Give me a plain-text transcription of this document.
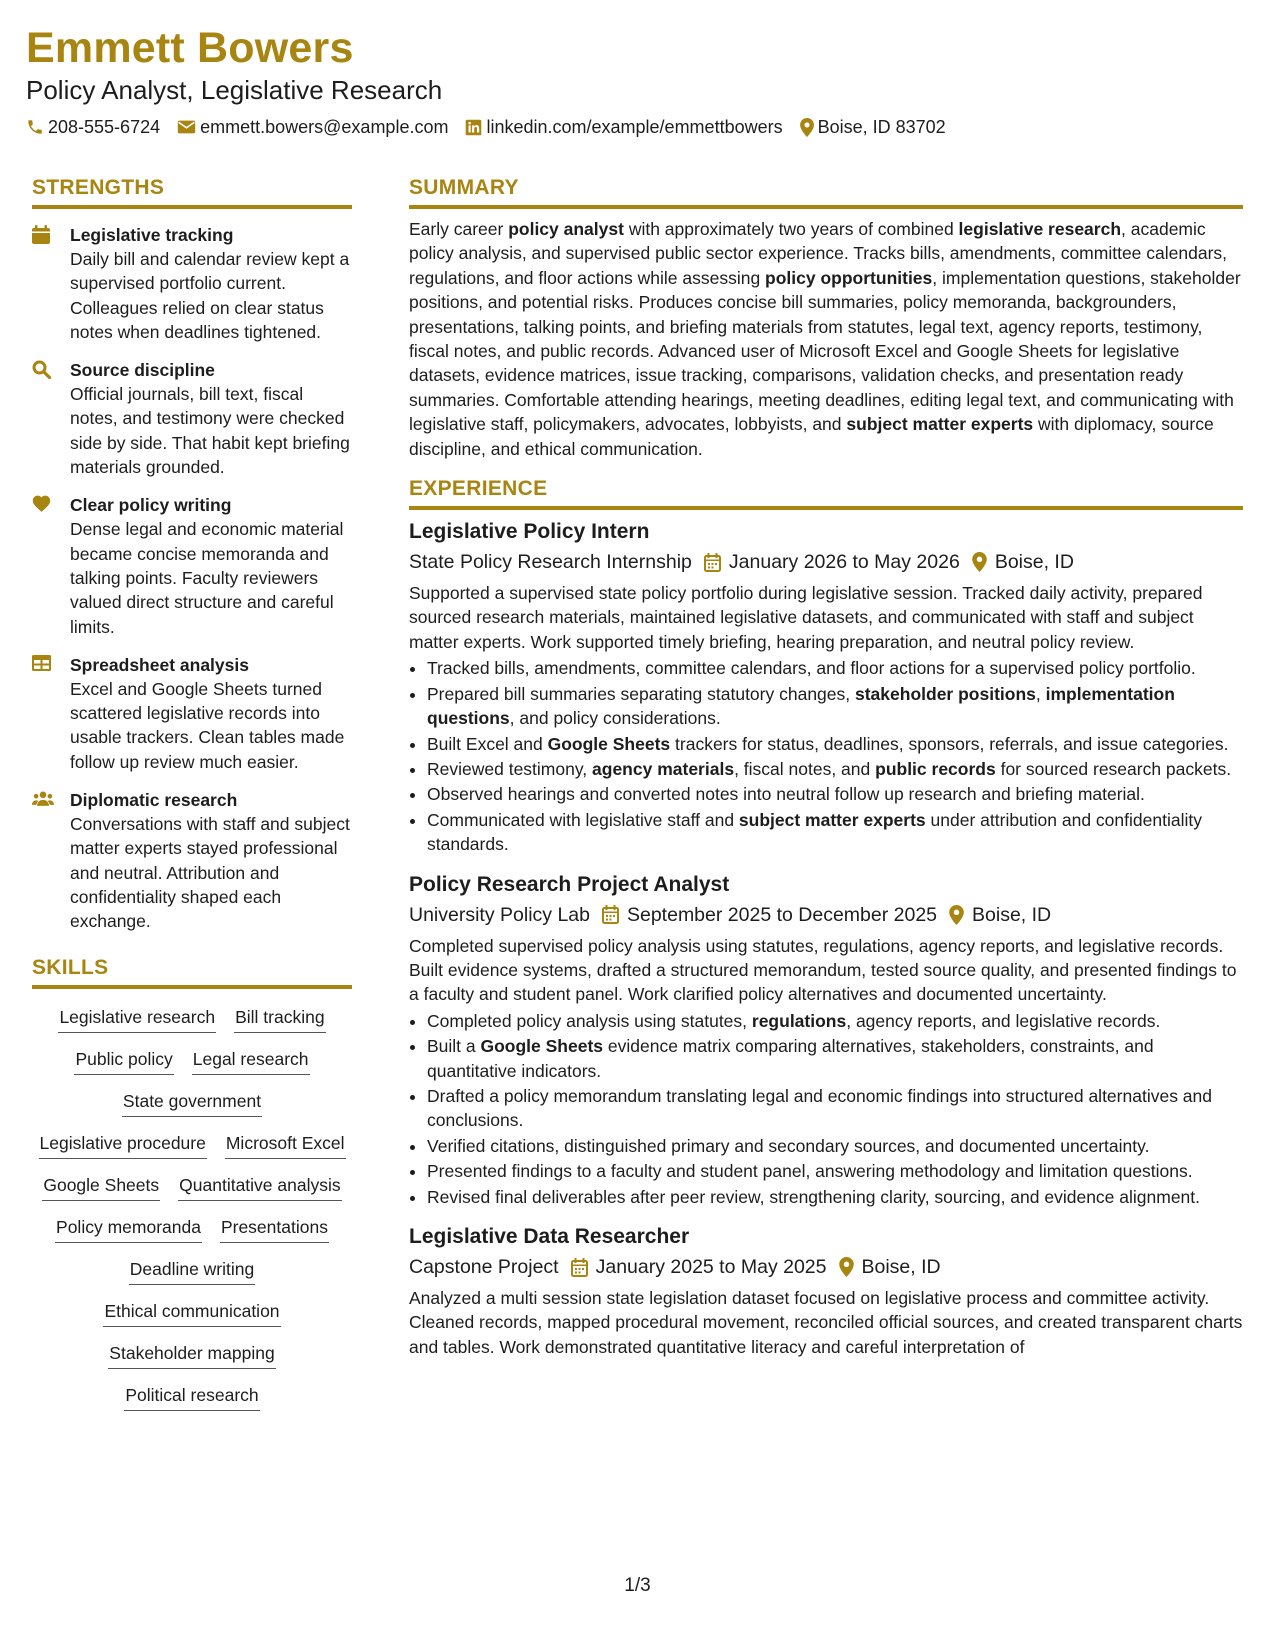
Emmett Bowers
Policy Analyst, Legislative Research
208-555-6724 emmett.bowers@example.com linkedin.com/example/emmettbowers Boise, ID 83702
STRENGTHS
Legislative tracking
Daily bill and calendar review kept a supervised portfolio current. Colleagues relied on clear status notes when deadlines tightened.
Source discipline
Official journals, bill text, fiscal notes, and testimony were checked side by side. That habit kept briefing materials grounded.
Clear policy writing
Dense legal and economic material became concise memoranda and talking points. Faculty reviewers valued direct structure and careful limits.
Spreadsheet analysis
Excel and Google Sheets turned scattered legislative records into usable trackers. Clean tables made follow up review much easier.
Diplomatic research
Conversations with staff and subject matter experts stayed professional and neutral. Attribution and confidentiality shaped each exchange.
SKILLS
Legislative research Bill tracking
Public policy Legal research
State government
Legislative procedure Microsoft Excel
Google Sheets Quantitative analysis
Policy memoranda Presentations
Deadline writing
Ethical communication
Stakeholder mapping
Political research
SUMMARY
Early career policy analyst with approximately two years of combined legislative research, academic policy analysis, and supervised public sector experience. Tracks bills, amendments, committee calendars, regulations, and floor actions while assessing policy opportunities, implementation questions, stakeholder positions, and potential risks. Produces concise bill summaries, policy memoranda, backgrounders, presentations, talking points, and briefing materials from statutes, legal text, agency reports, testimony, fiscal notes, and public records. Advanced user of Microsoft Excel and Google Sheets for legislative datasets, evidence matrices, issue tracking, comparisons, validation checks, and presentation ready summaries. Comfortable attending hearings, meeting deadlines, editing legal text, and communicating with legislative staff, policymakers, advocates, lobbyists, and subject matter experts with diplomacy, source discipline, and ethical communication.
EXPERIENCE
Legislative Policy Intern
State Policy Research Internship January 2026 to May 2026 Boise, ID
Supported a supervised state policy portfolio during legislative session. Tracked daily activity, prepared sourced research materials, maintained legislative datasets, and communicated with staff and subject matter experts. Work supported timely briefing, hearing preparation, and neutral policy review.
• Tracked bills, amendments, committee calendars, and floor actions for a supervised policy portfolio.
• Prepared bill summaries separating statutory changes, stakeholder positions, implementation questions, and policy considerations.
• Built Excel and Google Sheets trackers for status, deadlines, sponsors, referrals, and issue categories.
• Reviewed testimony, agency materials, fiscal notes, and public records for sourced research packets.
• Observed hearings and converted notes into neutral follow up research and briefing material.
• Communicated with legislative staff and subject matter experts under attribution and confidentiality standards.
Policy Research Project Analyst
University Policy Lab September 2025 to December 2025 Boise, ID
Completed supervised policy analysis using statutes, regulations, agency reports, and legislative records. Built evidence systems, drafted a structured memorandum, tested source quality, and presented findings to a faculty and student panel. Work clarified policy alternatives and documented uncertainty.
• Completed policy analysis using statutes, regulations, agency reports, and legislative records.
• Built a Google Sheets evidence matrix comparing alternatives, stakeholders, constraints, and quantitative indicators.
• Drafted a policy memorandum translating legal and economic findings into structured alternatives and conclusions.
• Verified citations, distinguished primary and secondary sources, and documented uncertainty.
• Presented findings to a faculty and student panel, answering methodology and limitation questions.
• Revised final deliverables after peer review, strengthening clarity, sourcing, and evidence alignment.
Legislative Data Researcher
Capstone Project January 2025 to May 2025 Boise, ID
Analyzed a multi session state legislation dataset focused on legislative process and committee activity. Cleaned records, mapped procedural movement, reconciled official sources, and created transparent charts and tables. Work demonstrated quantitative literacy and careful interpretation of
1/3
